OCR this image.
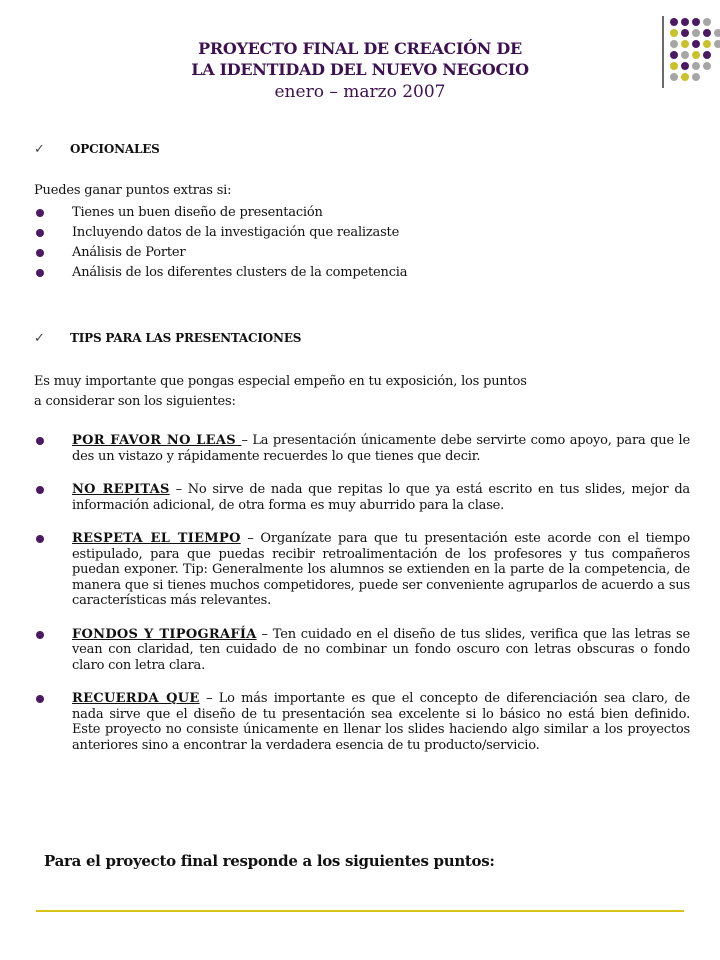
PROYECTO FINAL DE CREACIÓN DE
LA IDENTIDAD DEL NUEVO NEGOCIO
enero – marzo 2007
✓ OPCIONALES
Puedes ganar puntos extras si:
Tienes un buen diseño de presentación
Incluyendo datos de la investigación que realizaste
Análisis de Porter
Análisis de los diferentes clusters de la competencia
✓ TIPS PARA LAS PRESENTACIONES
Es muy importante que pongas especial empeño en tu exposición, los puntos
a considerar son los siguientes:
POR FAVOR NO LEAS – La presentación únicamente debe servirte como apoyo, para que le des un vistazo y rápidamente recuerdes lo que tienes que decir.
NO REPITAS – No sirve de nada que repitas lo que ya está escrito en tus slides, mejor da información adicional, de otra forma es muy aburrido para la clase.
RESPETA EL TIEMPO – Organízate para que tu presentación este acorde con el tiempo estipulado, para que puedas recibir retroalimentación de los profesores y tus compañeros puedan exponer. Tip: Generalmente los alumnos se extienden en la parte de la competencia, de manera que si tienes muchos competidores, puede ser conveniente agruparlos de acuerdo a sus características más relevantes.
FONDOS Y TIPOGRAFÍA – Ten cuidado en el diseño de tus slides, verifica que las letras se vean con claridad, ten cuidado de no combinar un fondo oscuro con letras obscuras o fondo claro con letra clara.
RECUERDA QUE – Lo más importante es que el concepto de diferenciación sea claro, de nada sirve que el diseño de tu presentación sea excelente si lo básico no está bien definido. Este proyecto no consiste únicamente en llenar los slides haciendo algo similar a los proyectos anteriores sino a encontrar la verdadera esencia de tu producto/servicio.
Para el proyecto final responde a los siguientes puntos:
